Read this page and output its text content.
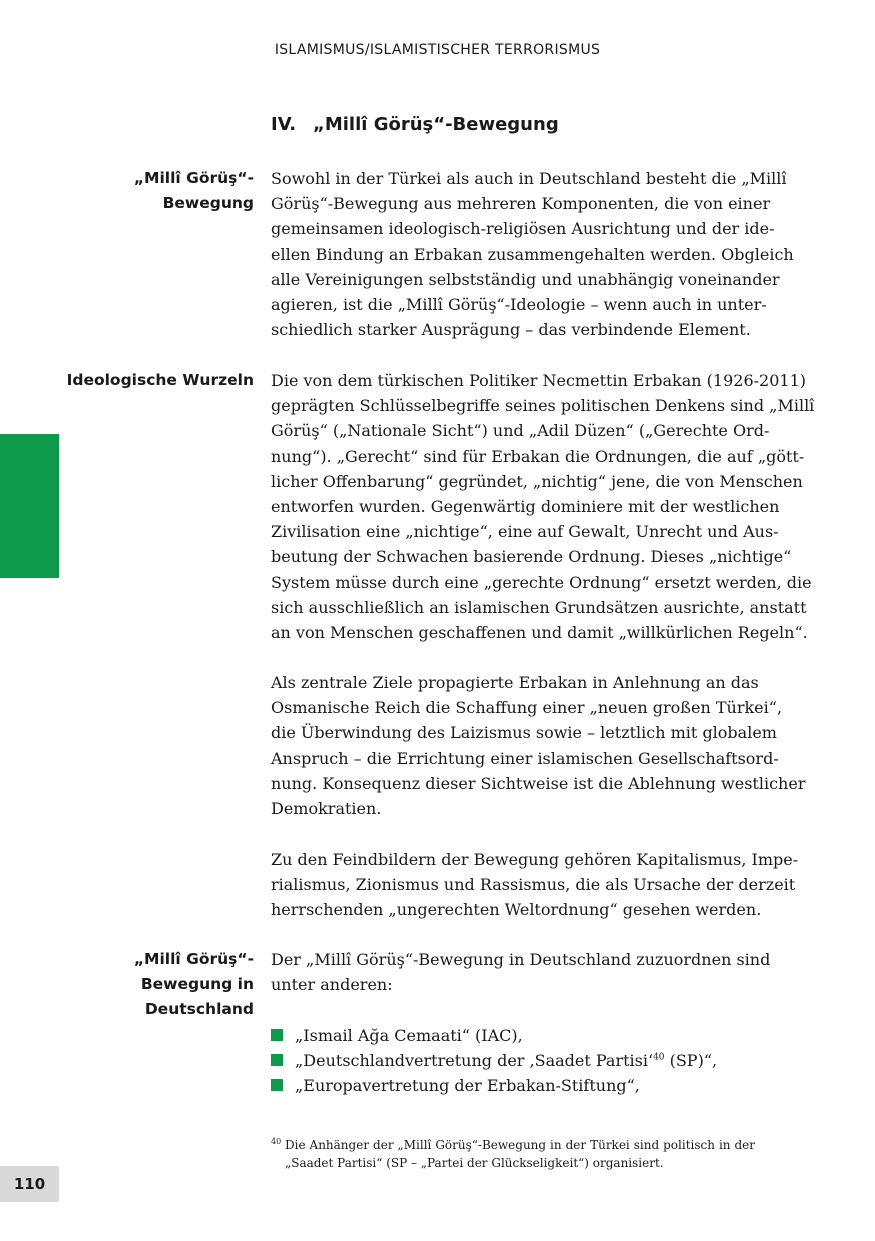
ISLAMISMUS/ISLAMISTISCHER TERRORISMUS
110
IV. „Millî Görüş“-Bewegung
„Millî Görüş“-
Bewegung
Sowohl in der Türkei als auch in Deutschland besteht die „Millî
Görüş“-Bewegung aus mehreren Komponenten, die von einer
gemeinsamen ideologisch-religiösen Ausrichtung und der ide-
ellen Bindung an Erbakan zusammengehalten werden. Obgleich
alle Vereinigungen selbstständig und unabhängig voneinander
agieren, ist die „Millî Görüş“-Ideologie – wenn auch in unter-
schiedlich starker Ausprägung – das verbindende Element.
Ideologische Wurzeln Die von dem türkischen Politiker Necmettin Erbakan (1926-2011)
geprägten Schlüsselbegriffe seines politischen Denkens sind „Millî
Görüş“ („Nationale Sicht“) und „Adil Düzen“ („Gerechte Ord-
nung“). „Gerecht“ sind für Erbakan die Ordnungen, die auf „gött-
licher Offenbarung“ gegründet, „nichtig“ jene, die von Menschen
entworfen wurden. Gegenwärtig dominiere mit der westlichen
Zivilisation eine „nichtige“, eine auf Gewalt, Unrecht und Aus-
beutung der Schwachen basierende Ordnung. Dieses „nichtige“
System müsse durch eine „gerechte Ordnung“ ersetzt werden, die
sich ausschließlich an islamischen Grundsätzen ausrichte, anstatt
an von Menschen geschaffenen und damit „willkürlichen Regeln“.
Als zentrale Ziele propagierte Erbakan in Anlehnung an das
Osmanische Reich die Schaffung einer „neuen großen Türkei“,
die Überwindung des Laizismus sowie – letztlich mit globalem
Anspruch – die Errichtung einer islamischen Gesellschaftsord-
nung. Konsequenz dieser Sichtweise ist die Ablehnung westlicher
Demokratien.
Zu den Feindbildern der Bewegung gehören Kapitalismus, Impe-
rialismus, Zionismus und Rassismus, die als Ursache der derzeit
herrschenden „ungerechten Weltordnung“ gesehen werden.
„Millî Görüş“-
Bewegung in
Deutschland
Der „Millî Görüş“-Bewegung in Deutschland zuzuordnen sind
unter anderen:
„Ismail Ağa Cemaati“ (IAC),
„Deutschlandvertretung der ‚Saadet Partisi‘$^{40}$ (SP)“,
„Europavertretung der Erbakan-Stiftung“,
40 Die Anhänger der „Millî Görüş“-Bewegung in der Türkei sind politisch in der
„Saadet Partisi“ (SP – „Partei der Glückseligkeit“) organisiert.
